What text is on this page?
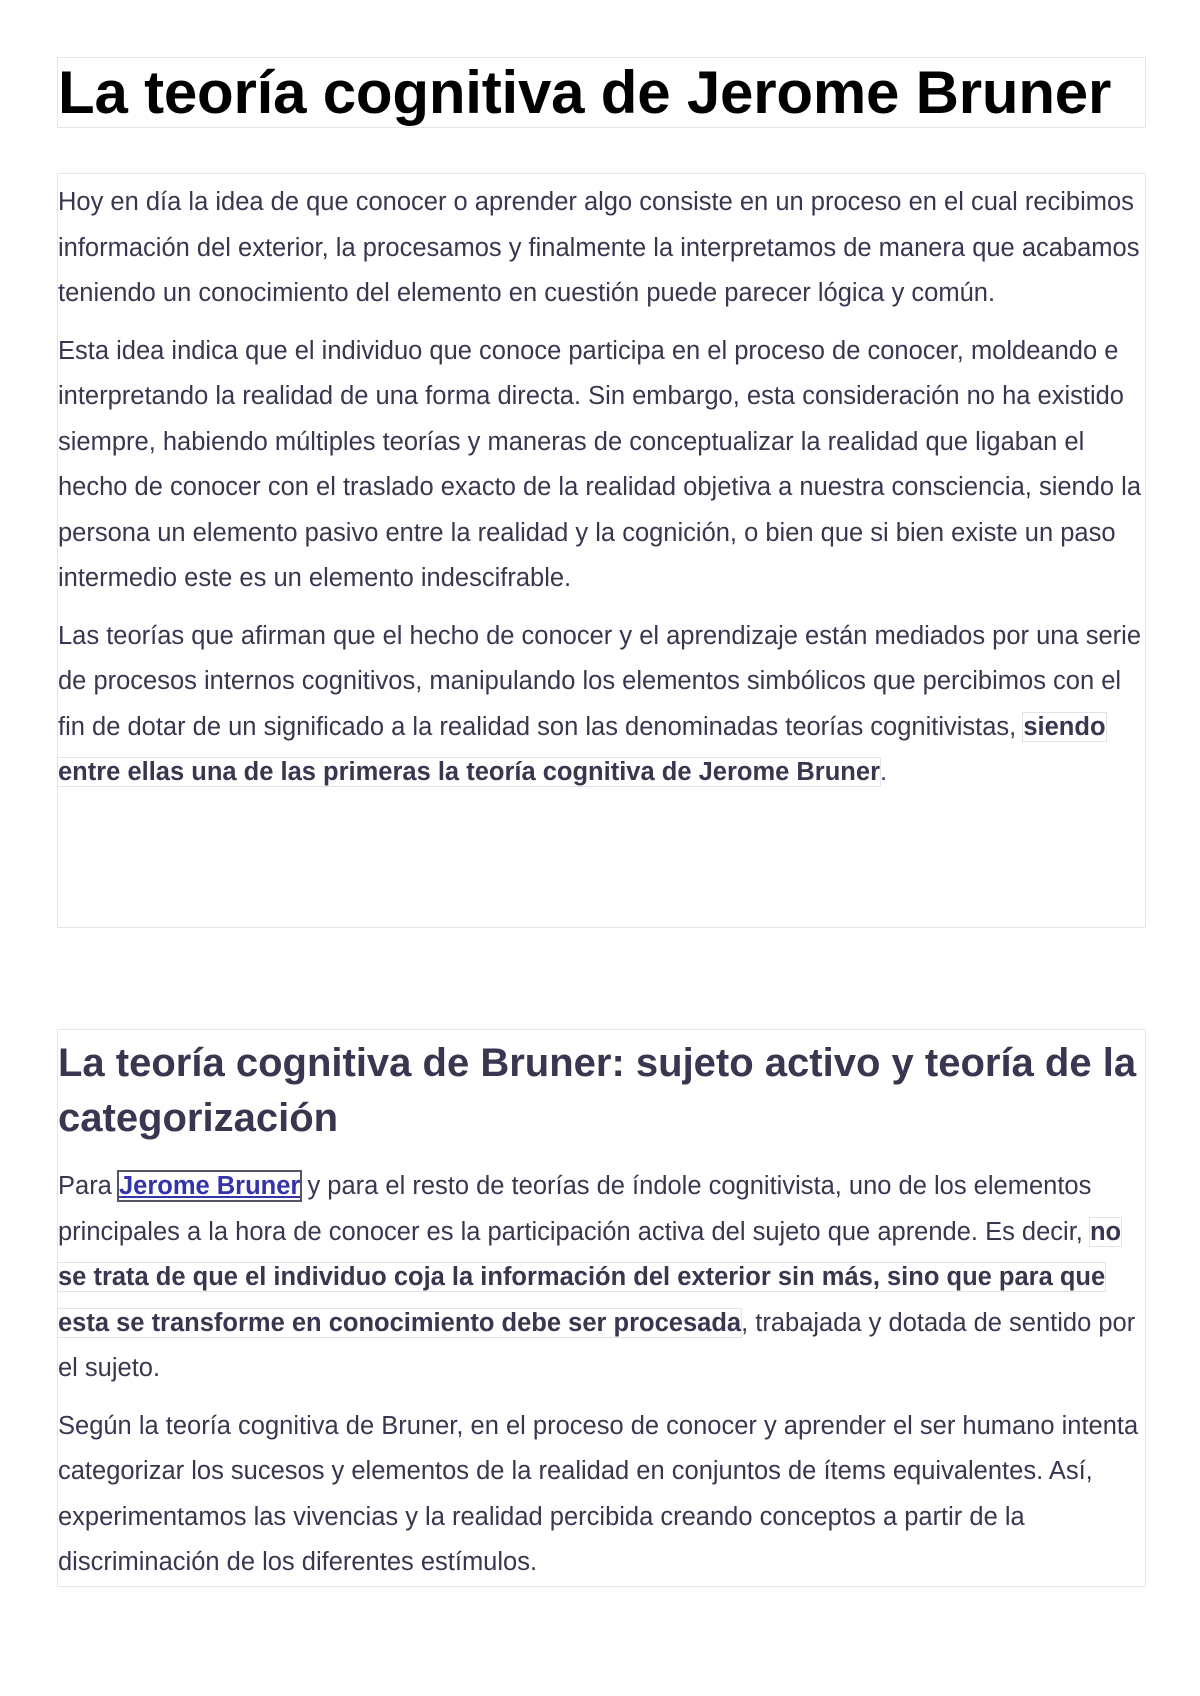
La teoría cognitiva de Jerome Bruner

Hoy en día la idea de que conocer o aprender algo consiste en un proceso en el cual recibimos información del exterior, la procesamos y finalmente la interpretamos de manera que acabamos teniendo un conocimiento del elemento en cuestión puede parecer lógica y común.

Esta idea indica que el individuo que conoce participa en el proceso de conocer, moldeando e interpretando la realidad de una forma directa. Sin embargo, esta consideración no ha existido siempre, habiendo múltiples teorías y maneras de conceptualizar la realidad que ligaban el hecho de conocer con el traslado exacto de la realidad objetiva a nuestra consciencia, siendo la persona un elemento pasivo entre la realidad y la cognición, o bien que si bien existe un paso intermedio este es un elemento indescifrable.

Las teorías que afirman que el hecho de conocer y el aprendizaje están mediados por una serie de procesos internos cognitivos, manipulando los elementos simbólicos que percibimos con el fin de dotar de un significado a la realidad son las denominadas teorías cognitivistas, siendo entre ellas una de las primeras la teoría cognitiva de Jerome Bruner.

La teoría cognitiva de Bruner: sujeto activo y teoría de la categorización

Para Jerome Bruner y para el resto de teorías de índole cognitivista, uno de los elementos principales a la hora de conocer es la participación activa del sujeto que aprende. Es decir, no se trata de que el individuo coja la información del exterior sin más, sino que para que esta se transforme en conocimiento debe ser procesada, trabajada y dotada de sentido por el sujeto.

Según la teoría cognitiva de Bruner, en el proceso de conocer y aprender el ser humano intenta categorizar los sucesos y elementos de la realidad en conjuntos de ítems equivalentes. Así, experimentamos las vivencias y la realidad percibida creando conceptos a partir de la discriminación de los diferentes estímulos.
